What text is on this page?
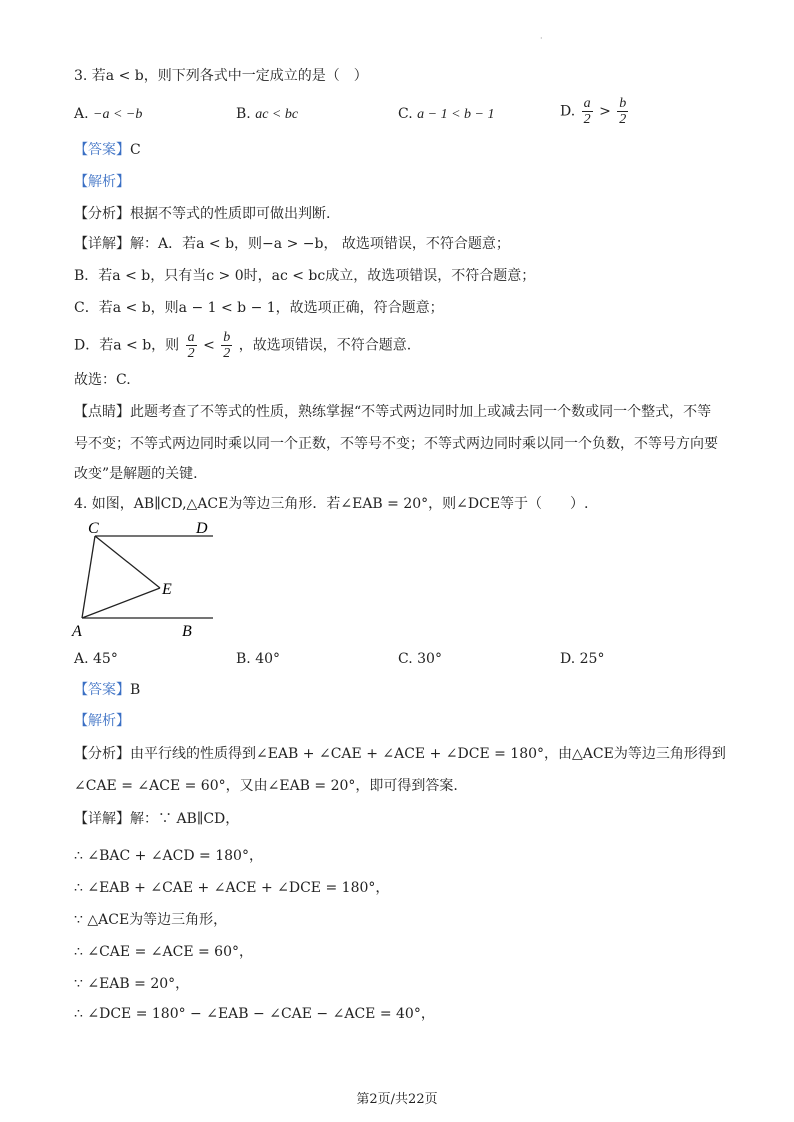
·
3. 若a < b，则下列各式中一定成立的是（　）
A. −a < −b	B. ac < bc	C. a − 1 < b − 1	D. $\frac{a}{2} > \frac{b}{2}$
【答案】C
【解析】
【分析】根据不等式的性质即可做出判断.
【详解】解：A．若a < b，则−a > −b， 故选项错误，不符合题意；
B．若a < b，只有当c > 0时，ac < bc成立，故选项错误，不符合题意；
C．若a < b，则a − 1 < b − 1，故选项正确，符合题意；
D．若a < b，则 $\frac{a}{2} < \frac{b}{2}$ ，故选项错误，不符合题意.
故选：C.
【点睛】此题考查了不等式的性质，熟练掌握“不等式两边同时加上或减去同一个数或同一个整式，不等
号不变；不等式两边同时乘以同一个正数，不等号不变；不等式两边同时乘以同一个负数，不等号方向要
改变”是解题的关键.
4. 如图，AB∥CD,△ACE为等边三角形．若∠EAB = 20°，则∠DCE等于（　　）.
C	D
E
A	B
A. 45°	B. 40°	C. 30°	D. 25°
【答案】B
【解析】
【分析】由平行线的性质得到∠EAB + ∠CAE + ∠ACE + ∠DCE = 180°，由△ACE为等边三角形得到
∠CAE = ∠ACE = 60°，又由∠EAB = 20°，即可得到答案.
【详解】解：∵ AB∥CD，
∴ ∠BAC + ∠ACD = 180°，
∴ ∠EAB + ∠CAE + ∠ACE + ∠DCE = 180°，
∵ △ACE为等边三角形，
∴ ∠CAE = ∠ACE = 60°，
∵ ∠EAB = 20°，
∴ ∠DCE = 180° − ∠EAB − ∠CAE − ∠ACE = 40°，
第2页/共22页
